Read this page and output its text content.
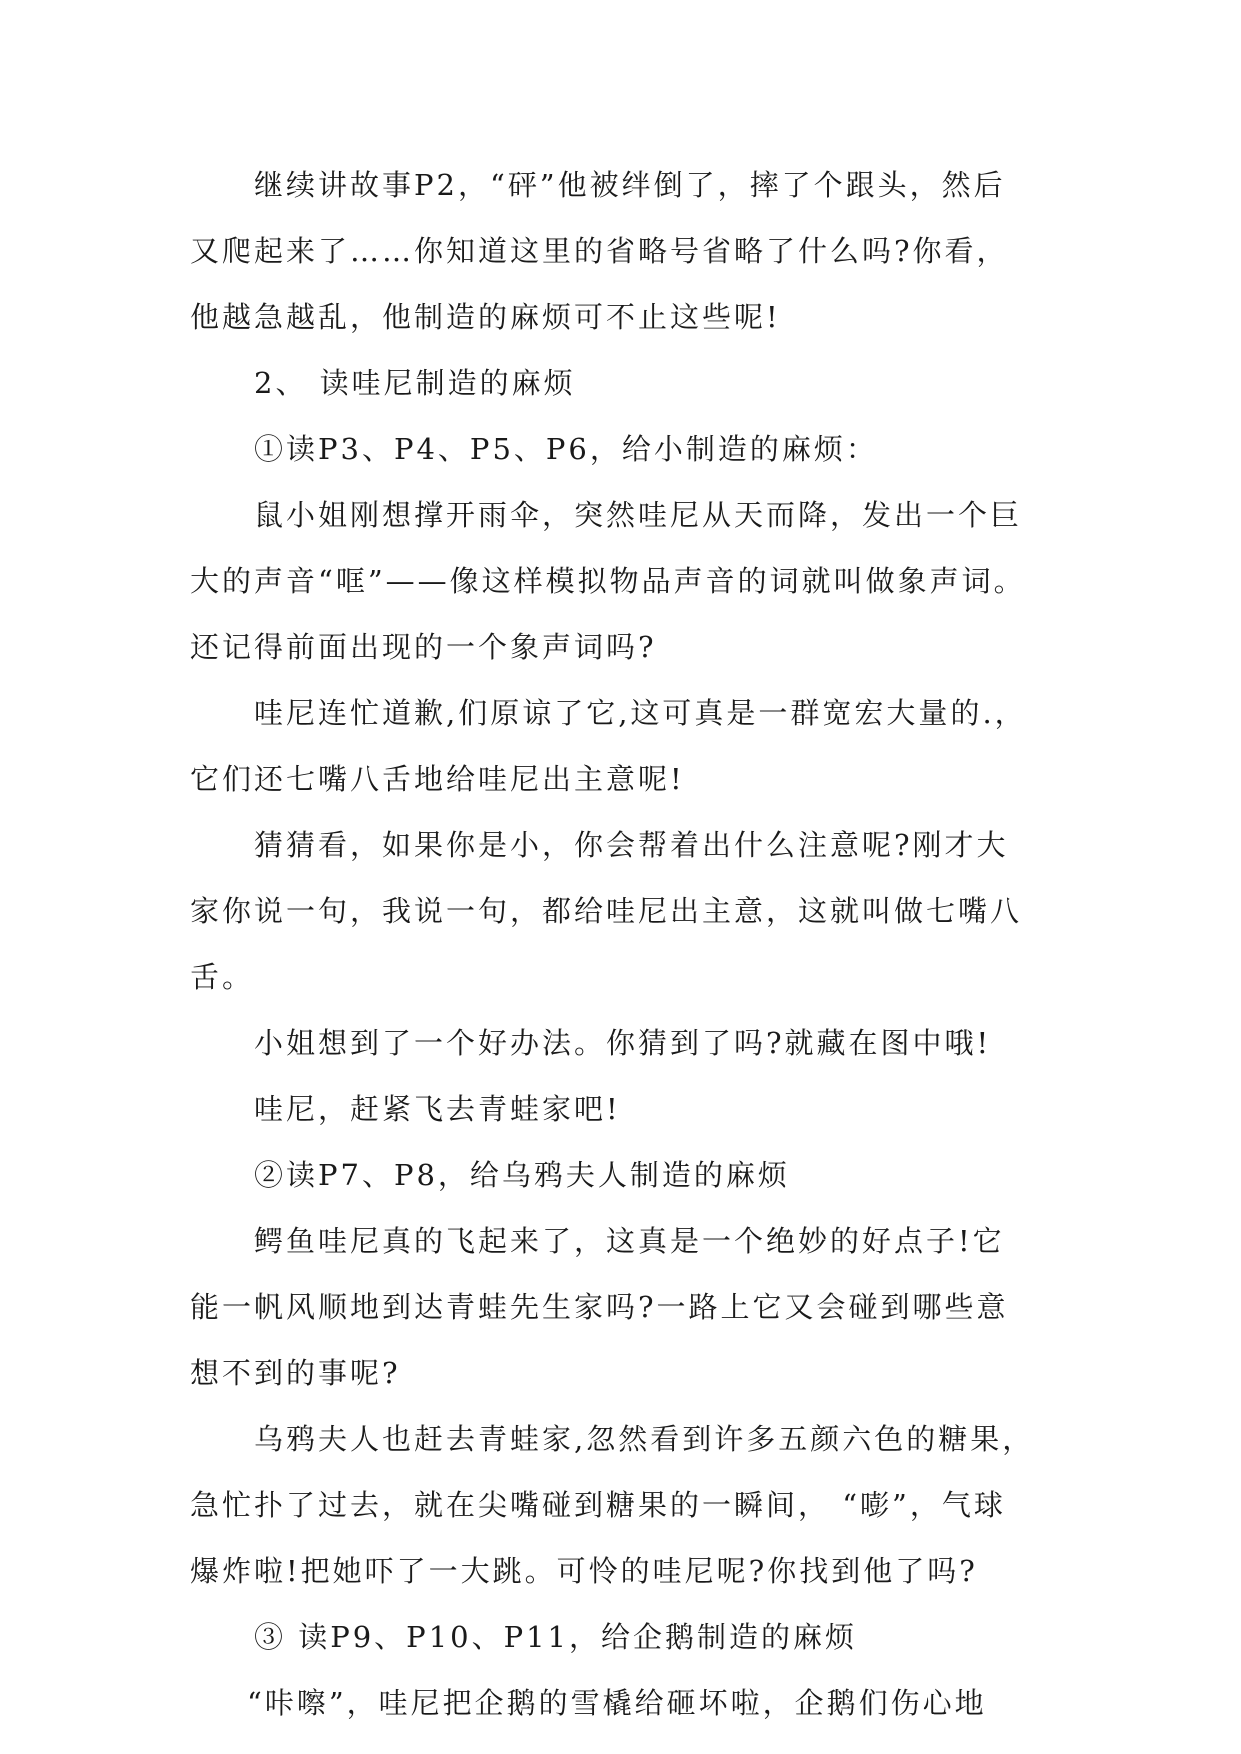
继续讲故事P2，“砰”他被绊倒了，摔了个跟头，然后
又爬起来了……你知道这里的省略号省略了什么吗?你看，
他越急越乱，他制造的麻烦可不止这些呢!
2、 读哇尼制造的麻烦
①读P3、P4、P5、P6，给小制造的麻烦：
鼠小姐刚想撑开雨伞，突然哇尼从天而降，发出一个巨
大的声音“哐”——像这样模拟物品声音的词就叫做象声词。
还记得前面出现的一个象声词吗?
哇尼连忙道歉,们原谅了它,这可真是一群宽宏大量的.，
它们还七嘴八舌地给哇尼出主意呢!
猜猜看，如果你是小，你会帮着出什么注意呢?刚才大
家你说一句，我说一句，都给哇尼出主意，这就叫做七嘴八
舌。
小姐想到了一个好办法。你猜到了吗?就藏在图中哦!
哇尼，赶紧飞去青蛙家吧!
②读P7、P8，给乌鸦夫人制造的麻烦
鳄鱼哇尼真的飞起来了，这真是一个绝妙的好点子!它
能一帆风顺地到达青蛙先生家吗?一路上它又会碰到哪些意
想不到的事呢?
乌鸦夫人也赶去青蛙家,忽然看到许多五颜六色的糖果，
急忙扑了过去，就在尖嘴碰到糖果的一瞬间， “嘭”，气球
爆炸啦!把她吓了一大跳。可怜的哇尼呢?你找到他了吗?
③ 读P9、P10、P11，给企鹅制造的麻烦
“咔嚓”，哇尼把企鹅的雪橇给砸坏啦，企鹅们伤心地
